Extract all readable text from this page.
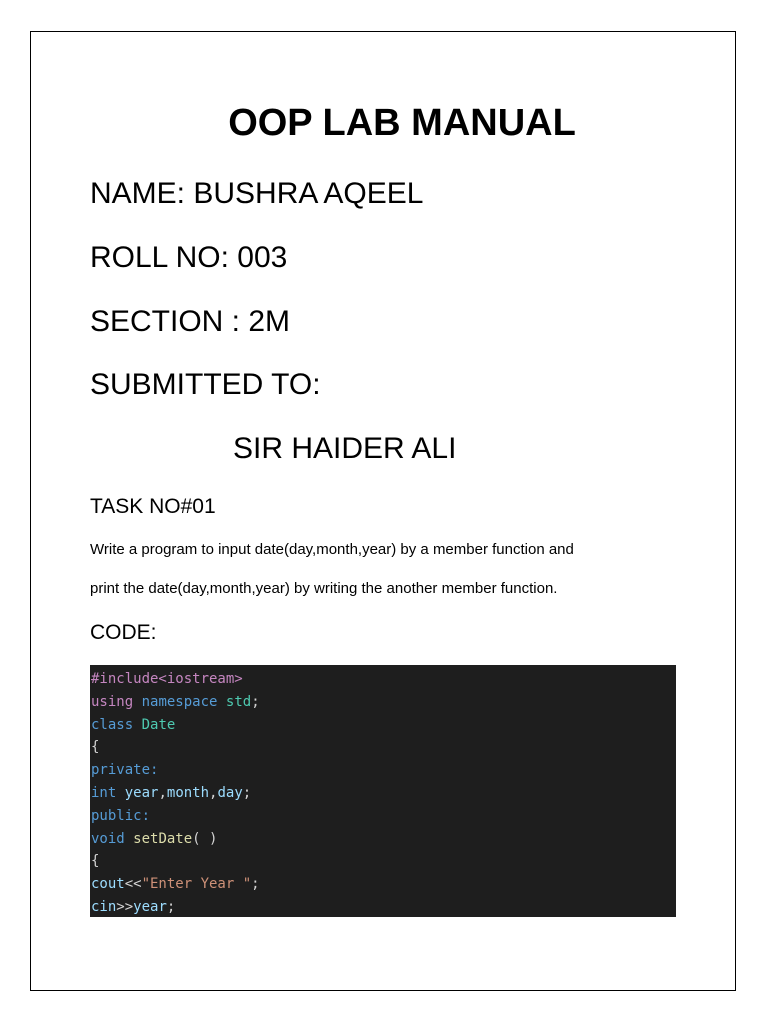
OOP LAB MANUAL
NAME: BUSHRA AQEEL
ROLL NO: 003
SECTION : 2M
SUBMITTED TO:
SIR HAIDER ALI
TASK NO#01
Write a program to input date(day,month,year) by a member function and
print the date(day,month,year) by writing the another member function.
CODE:
#include<iostream>
using namespace std;
class Date
{
private:
int year,month,day;
public:
void setDate( )
{
cout<<"Enter Year ";
cin>>year;
